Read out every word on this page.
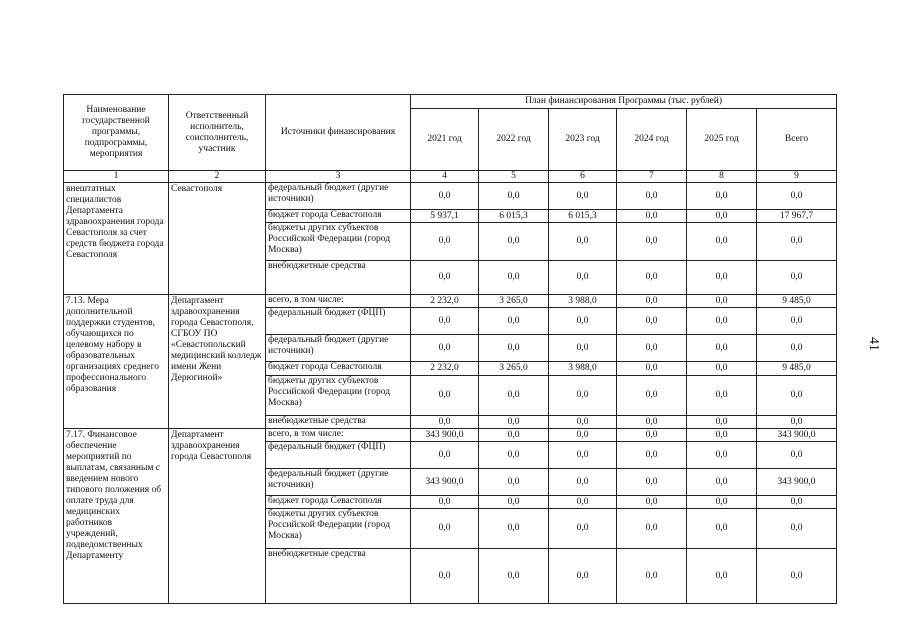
41
Наименование государственной программы, подпрограммы, мероприятия	Ответственный исполнитель, соисполнитель, участник	Источники финансирования	План финансирования Программы (тыс. рублей)					
			2021 год	2022 год	2023 год	2024 год	2025 год	Всего
1	2	3	4	5	6	7	8	9
внештатных специалистов Департамента здравоохранения города Севастополя за счет средств бюджета города Севастополя	Севастополя	федеральный бюджет (другие источники)	0,0	0,0	0,0	0,0	0,0	0,0
		бюджет города Севастополя	5 937,1	6 015,3	6 015,3	0,0	0,0	17 967,7
		бюджеты других субъектов Российской Федерации (город Москва)	0,0	0,0	0,0	0,0	0,0	0,0
		внебюджетные средства	0,0	0,0	0,0	0,0	0,0	0,0
7.13. Мера дополнительной поддержки студентов, обучающихся по целевому набору в образовательных организациях среднего профессионального образования	Департамент здравоохранения города Севастополя, СГБОУ ПО «Севастопольский медицинский колледж имени Жени Дерюгиной»	всего, в том числе:	2 232,0	3 265,0	3 988,0	0,0	0,0	9 485,0
		федеральный бюджет (ФЦП)	0,0	0,0	0,0	0,0	0,0	0,0
		федеральный бюджет (другие источники)	0,0	0,0	0,0	0,0	0,0	0,0
		бюджет города Севастополя	2 232,0	3 265,0	3 988,0	0,0	0,0	9 485,0
		бюджеты других субъектов Российской Федерации (город Москва)	0,0	0,0	0,0	0,0	0,0	0,0
		внебюджетные средства	0,0	0,0	0,0	0,0	0,0	0,0
7.17. Финансовое обеспечение мероприятий по выплатам, связанным с введением нового типового положения об оплате труда для медицинских работников учреждений, подведомственных Департаменту	Департамент здравоохранения города Севастополя	всего, в том числе:	343 900,0	0,0	0,0	0,0	0,0	343 900,0
		федеральный бюджет (ФЦП)	0,0	0,0	0,0	0,0	0,0	0,0
		федеральный бюджет (другие источники)	343 900,0	0,0	0,0	0,0	0,0	343 900,0
		бюджет города Севастополя	0,0	0,0	0,0	0,0	0,0	0,0
		бюджеты других субъектов Российской Федерации (город Москва)	0,0	0,0	0,0	0,0	0,0	0,0
		внебюджетные средства	0,0	0,0	0,0	0,0	0,0	0,0
